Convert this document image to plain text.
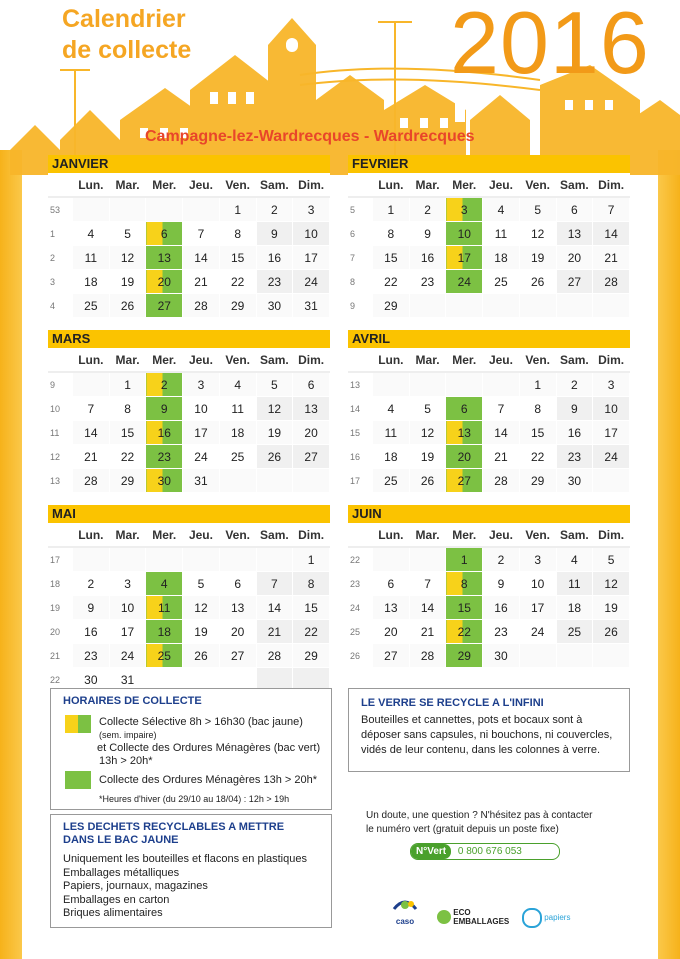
Calendrier
de collecte	2016
Campagne-lez-Wardrecques - Wardrecques
JANVIER
	Lun.	Mar.	Mer.	Jeu.	Ven.	Sam.	Dim.
53					1	2	3
1	4	5	6	7	8	9	10
2	11	12	13	14	15	16	17
3	18	19	20	21	22	23	24
4	25	26	27	28	29	30	31
FEVRIER
	Lun.	Mar.	Mer.	Jeu.	Ven.	Sam.	Dim.
5	1	2	3	4	5	6	7
6	8	9	10	11	12	13	14
7	15	16	17	18	19	20	21
8	22	23	24	25	26	27	28
9	29						
MARS
	Lun.	Mar.	Mer.	Jeu.	Ven.	Sam.	Dim.
9		1	2	3	4	5	6
10	7	8	9	10	11	12	13
11	14	15	16	17	18	19	20
12	21	22	23	24	25	26	27
13	28	29	30	31			
AVRIL
	Lun.	Mar.	Mer.	Jeu.	Ven.	Sam.	Dim.
13					1	2	3
14	4	5	6	7	8	9	10
15	11	12	13	14	15	16	17
16	18	19	20	21	22	23	24
17	25	26	27	28	29	30	
MAI
	Lun.	Mar.	Mer.	Jeu.	Ven.	Sam.	Dim.
17							1
18	2	3	4	5	6	7	8
19	9	10	11	12	13	14	15
20	16	17	18	19	20	21	22
21	23	24	25	26	27	28	29
22	30	31					
JUIN
	Lun.	Mar.	Mer.	Jeu.	Ven.	Sam.	Dim.
22			1	2	3	4	5
23	6	7	8	9	10	11	12
24	13	14	15	16	17	18	19
25	20	21	22	23	24	25	26
26	27	28	29	30			
HORAIRES DE COLLECTE
Collecte Sélective 8h > 16h30 (bac jaune)
(sem. impaire)
et Collecte des Ordures Ménagères (bac vert)
13h > 20h*
Collecte des Ordures Ménagères 13h > 20h*
*Heures d'hiver (du 29/10 au 18/04) : 12h > 19h
LE VERRE SE RECYCLE A L'INFINI
Bouteilles et cannettes, pots et bocaux sont à déposer sans capsules, ni bouchons, ni couvercles, vidés de leur contenu, dans les colonnes à verre.
LES DECHETS RECYCLABLES A METTRE
DANS LE BAC JAUNE
Uniquement les bouteilles et flacons en plastiques
Emballages métalliques
Papiers, journaux, magazines
Emballages en carton
Briques alimentaires
Un doute, une question ? N'hésitez pas à contacter
le numéro vert (gratuit depuis un poste fixe)
N°Vert 0 800 676 053
caso
ECO
EMBALLAGES	papiers
